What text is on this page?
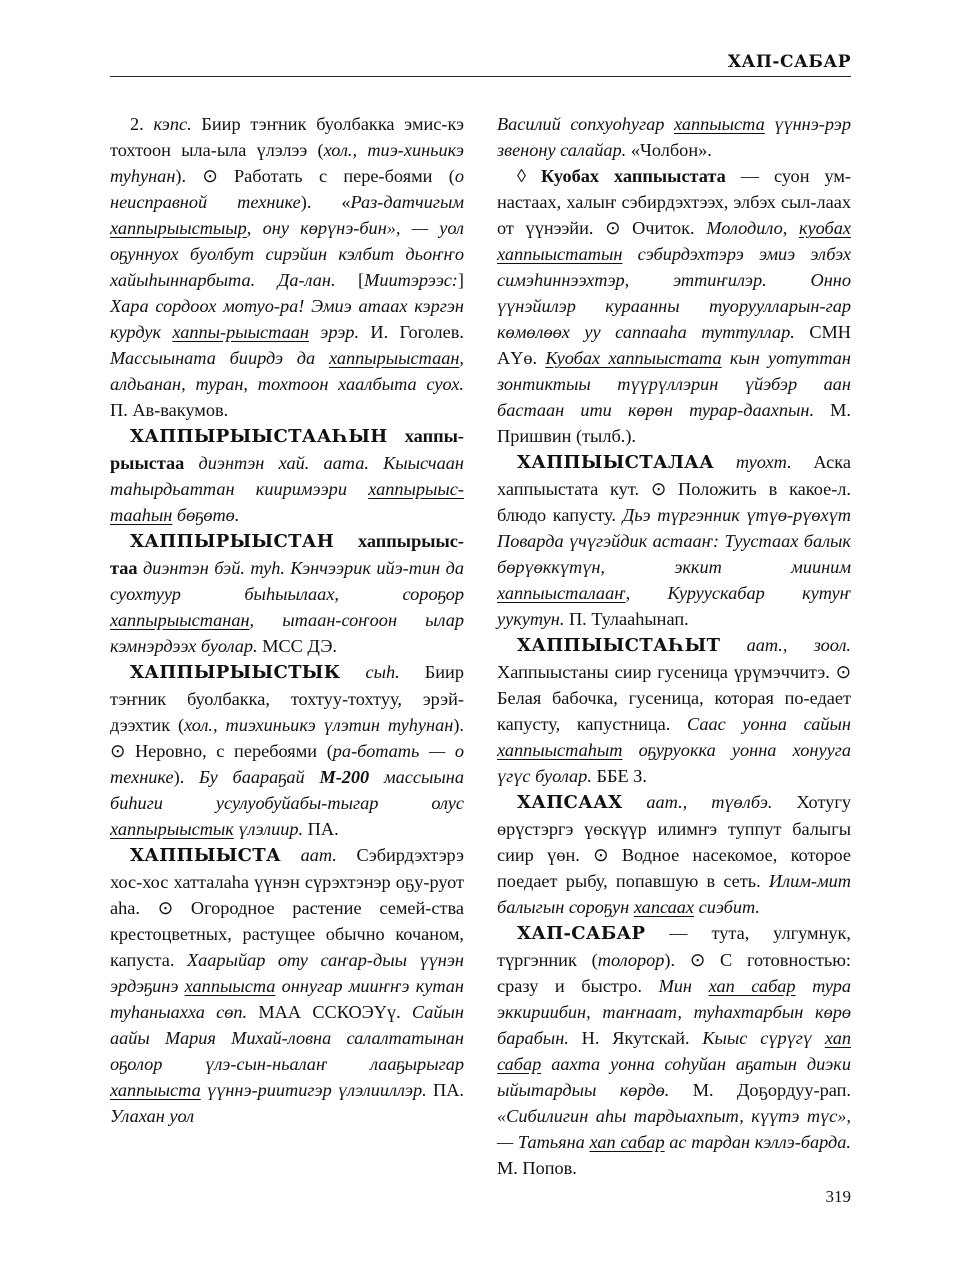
ХАП-САБАР

2. кэпс. Биир тэҥник буолбакка эмис-кэ тохтоон ыла-ыла үлэлээ (хол., тиэ-хиньикэ туһунан). ⊙ Работать с пере-боями (о неисправной технике). «Раз-датчигым хаппырыыстыыр, ону көрүнэ-бин», — уол оҕуннуох буолбут сирэйин кэлбит дьоҥҥо хайыһыннарбыта. Да-лан. [Миитэрээс:] Хара сордоох мотуо-ра! Эмиэ атаах кэргэн курдук хаппы-рыыстаан эрэр. И. Гоголев. Массыыната биирдэ да хаппырыыстаан, алдьанан, туран, тохтоон хаалбыта суох. П. Ав-вакумов.

ХАППЫРЫЫСТААҺЫН хаппы-рыыстаа диэнтэн хай. аата. Кыысчаан таһырдьаттан кииримээри хаппырыыс-тааһын бөҕөтө.

ХАППЫРЫЫСТАН хаппырыыс-таа диэнтэн бэй. туһ. Кэнчээрик ийэ-тин да суохтуур быһыылаах, сороҕор хаппырыыстанан, ытаан-соҥоон ылар кэмнэрдээх буолар. МСС ДЭ.

ХАППЫРЫЫСТЫК сыһ. Биир тэҥник буолбакка, тохтуу-тохтуу, эрэй-дээхтик (хол., тиэхиньикэ үлэтин туһунан). ⊙ Неровно, с перебоями (ра-ботать — о технике). Бу баараҕай М-200 массыына биһиги усулуобуйабы-тыгар олус хаппырыыстык үлэлиир. ПА.

ХАППЫЫСТА аат. Сэбирдэхтэрэ хос-хос хатталаһа үүнэн сүрэхтэнэр оҕу-руот аһа. ⊙ Огородное растение семей-ства крестоцветных, растущее обычно кочаном, капуста. Хаарыйар оту саҥар-дыы үүнэн эрдэҕинэ хаппыыста оннугар мииҥҥэ кутан туһаныахха сөп. МАА ССКОЭҮү. Сайын аайы Мария Михай-ловна салалтатынан оҕолор үлэ-сын-ньалаҥ лааҕырыгар хаппыыста үүннэ-риитигэр үлэлииллэр. ПА. Улахан уол

Василий сопхуоһугар хаппыыста үүннэ-рэр звенону салайар. «Чолбон».

◊ Куобах хаппыыстата — суон ум-настаах, халыҥ сэбирдэхтээх, элбэх сыл-лаах от үүнээйи. ⊙ Очиток. Молодило, куобах хаппыыстатын сэбирдэхтэрэ эмиэ элбэх симэһиннээхтэр, эттиҥилэр. Онно үүнэйилэр кураанны туоруулларын-гар көмөлөөх уу саппааһа туттуллар. СМН АҮө. Куобах хаппыыстата кын уотуттан зонтиктыы түүрүллэрин үйэбэр аан бастаан ити көрөн турар-даахпын. М. Пришвин (тылб.).

ХАППЫЫСТАЛАА туохт. Аска хаппыыстата кут. ⊙ Положить в какое-л. блюдо капусту. Дьэ түргэнник үтүө-рүөхүт Поварда үчүгэйдик астааҥ: Туустаах балык бөрүөккүтүн, эккит мииним хаппыысталааҥ, Куруускабар кутуҥ уукутун. П. Тулааһынап.

ХАППЫЫСТАҺЫТ аат., зоол. Хаппыыстаны сиир гусеница үрүмэччитэ. ⊙ Белая бабочка, гусеница, которая по-едает капусту, капустница. Саас уонна сайын хаппыыстаһыт оҕуруокка уонна хонууга үгүс буолар. ББЕ З.

ХАПСААХ аат., түөлбэ. Хотугу өрүстэргэ үөскүүр илимҥэ туппут балыгы сиир үөн. ⊙ Водное насекомое, которое поедает рыбу, попавшую в сеть. Илим-мит балыгын сороҕун хапсаах сиэбит.

ХАП-САБАР — тута, улгумнук, түргэнник (толорор). ⊙ С готовностью: сразу и быстро. Мин хап сабар тура эккириибин, таҥнаат, туһахтарбын көрө барабын. Н. Якутскай. Кыыс сүрүгү хап сабар аахта уонна соһуйан аҕатын диэки ыйытардыы көрдө. М. Доҕордуу-рап. «Сибилигин аһы тардыахпыт, күүтэ түс», — Татьяна хап сабар ас тардан кэллэ-барда. М. Попов.

319
